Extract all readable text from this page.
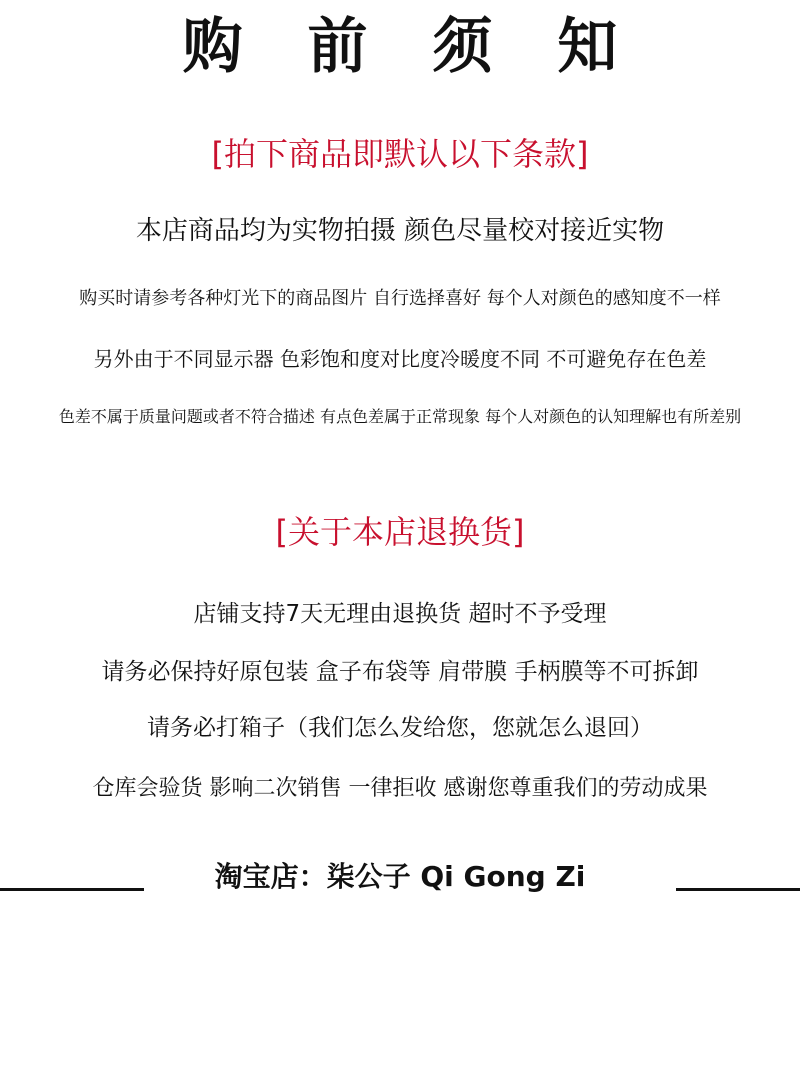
购 前 须 知
[拍下商品即默认以下条款]
本店商品均为实物拍摄 颜色尽量校对接近实物
购买时请参考各种灯光下的商品图片 自行选择喜好 每个人对颜色的感知度不一样
另外由于不同显示器 色彩饱和度对比度冷暖度不同 不可避免存在色差
色差不属于质量问题或者不符合描述 有点色差属于正常现象 每个人对颜色的认知理解也有所差别
[关于本店退换货]
店铺支持7天无理由退换货 超时不予受理
请务必保持好原包装 盒子布袋等 肩带膜 手柄膜等不可拆卸
请务必打箱子（我们怎么发给您，您就怎么退回）
仓库会验货 影响二次销售 一律拒收 感谢您尊重我们的劳动成果
淘宝店：柒公子 Qi Gong Zi
